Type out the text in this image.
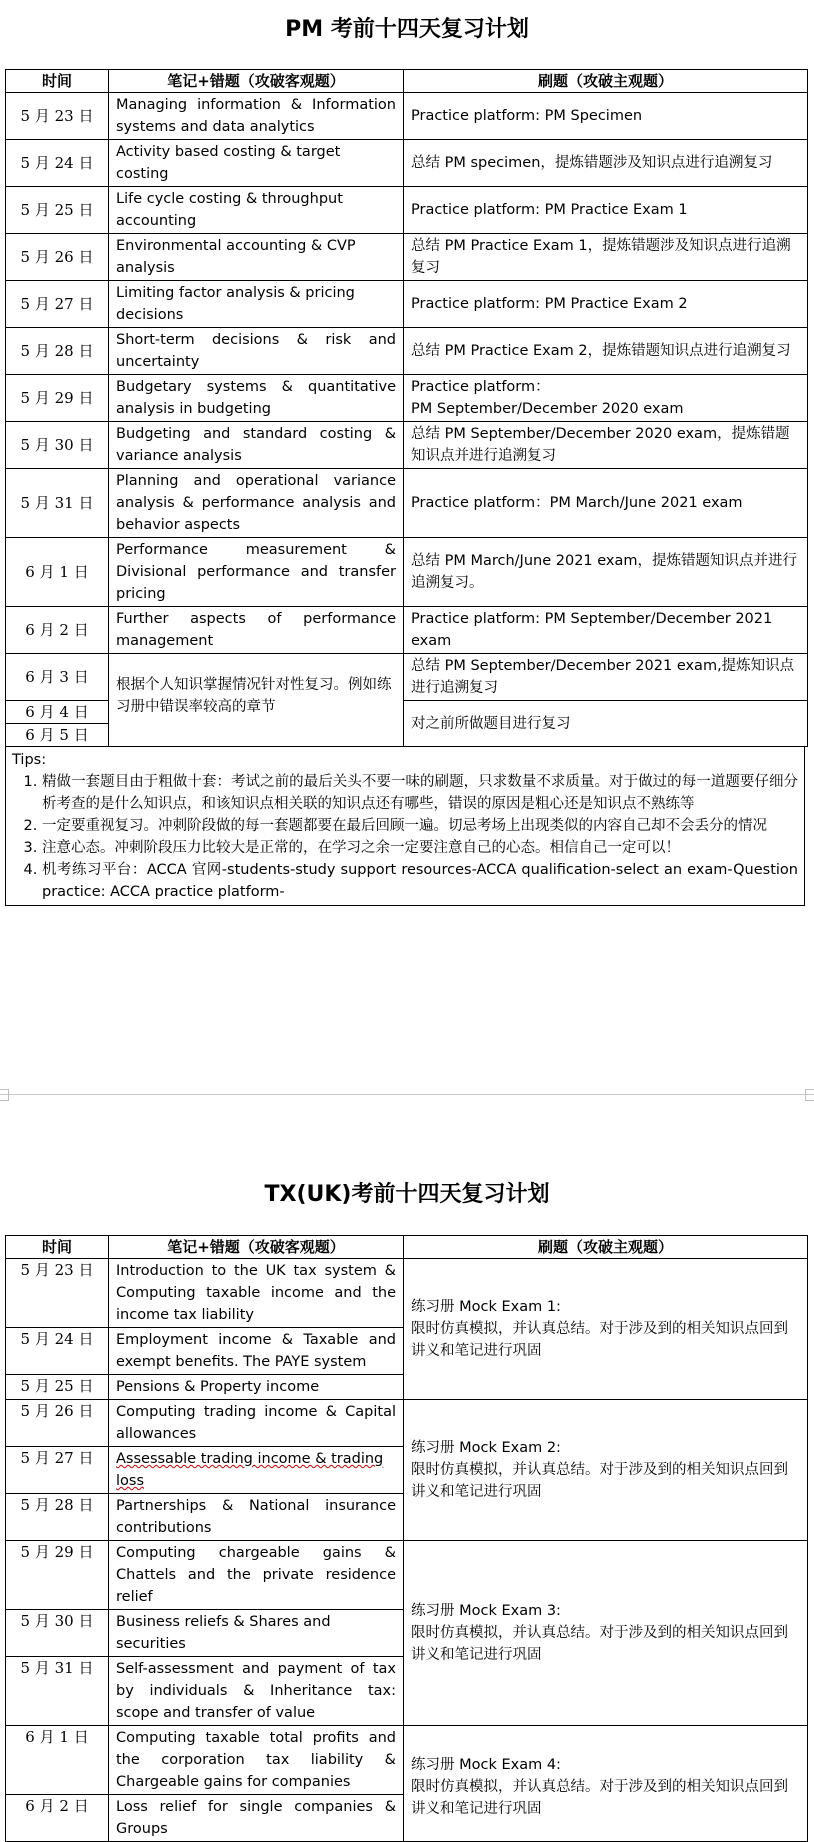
PM 考前十四天复习计划
时间	笔记+错题（攻破客观题）	刷题（攻破主观题）
5 月 23 日	Managing information & Information systems and data analytics	Practice platform: PM Specimen
5 月 24 日	Activity based costing & target costing	总结 PM specimen，提炼错题涉及知识点进行追溯复习
5 月 25 日	Life cycle costing & throughput accounting	Practice platform: PM Practice Exam 1
5 月 26 日	Environmental accounting & CVP analysis	总结 PM Practice Exam 1，提炼错题涉及知识点进行追溯复习
5 月 27 日	Limiting factor analysis & pricing decisions	Practice platform: PM Practice Exam 2
5 月 28 日	Short-term decisions & risk and uncertainty	总结 PM Practice Exam 2，提炼错题知识点进行追溯复习
5 月 29 日	Budgetary systems & quantitative analysis in budgeting	Practice platform：
PM September/December 2020 exam

5 月 30 日	Budgeting and standard costing & variance analysis	总结 PM September/December 2020 exam，提炼错题知识点并进行追溯复习
5 月 31 日	Planning and operational variance analysis & performance analysis and behavior aspects	Practice platform：PM March/June 2021 exam
6 月 1 日	Performance measurement & Divisional performance and transfer pricing	总结 PM March/June 2021 exam，提炼错题知识点并进行追溯复习。
6 月 2 日	Further aspects of performance management	Practice platform: PM September/December 2021 exam
6 月 3 日	根据个人知识掌握情况针对性复习。例如练习册中错误率较高的章节	总结 PM September/December 2021 exam,提炼知识点进行追溯复习
6 月 4 日		对之前所做题目进行复习
6 月 5 日		
Tips:
1. 精做一套题目由于粗做十套：考试之前的最后关头不要一味的刷题，只求数量不求质量。对于做过的每一道题要仔细分析考查的是什么知识点，和该知识点相关联的知识点还有哪些，错误的原因是粗心还是知识点不熟练等
2. 一定要重视复习。冲刺阶段做的每一套题都要在最后回顾一遍。切忌考场上出现类似的内容自己却不会丢分的情况
3. 注意心态。冲刺阶段压力比较大是正常的，在学习之余一定要注意自己的心态。相信自己一定可以！
4. 机考练习平台：ACCA 官网-students-study support resources-ACCA qualification-select an exam-Question practice: ACCA practice platform-
TX(UK)考前十四天复习计划
时间	笔记+错题（攻破客观题）	刷题（攻破主观题）
5 月 23 日	Introduction to the UK tax system & Computing taxable income and the income tax liability	练习册 Mock Exam 1:
限时仿真模拟，并认真总结。对于涉及到的相关知识点回到讲义和笔记进行巩固

5 月 24 日	Employment income & Taxable and exempt benefits. The PAYE system	
5 月 25 日	Pensions & Property income	
5 月 26 日	Computing trading income & Capital allowances	练习册 Mock Exam 2:
限时仿真模拟，并认真总结。对于涉及到的相关知识点回到讲义和笔记进行巩固

5 月 27 日	Assessable trading income & trading loss	
5 月 28 日	Partnerships & National insurance contributions	
5 月 29 日	Computing chargeable gains & Chattels and the private residence relief	练习册 Mock Exam 3:
限时仿真模拟，并认真总结。对于涉及到的相关知识点回到讲义和笔记进行巩固

5 月 30 日	Business reliefs & Shares and securities	
5 月 31 日	Self-assessment and payment of tax by individuals & Inheritance tax: scope and transfer of value	
6 月 1 日	Computing taxable total profits and the corporation tax liability & Chargeable gains for companies	练习册 Mock Exam 4:
限时仿真模拟，并认真总结。对于涉及到的相关知识点回到讲义和笔记进行巩固

6 月 2 日	Loss relief for single companies & Groups	
